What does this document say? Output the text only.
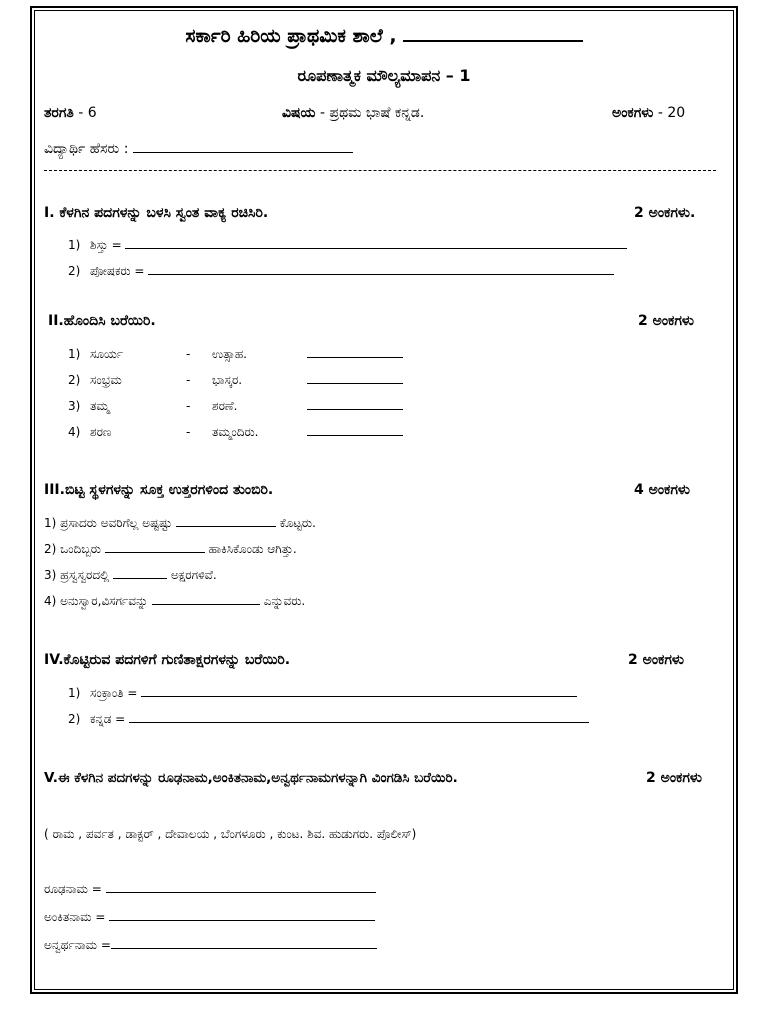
ಸರ್ಕಾರಿ ಹಿರಿಯ ಪ್ರಾಥಮಿಕ ಶಾಲೆ ,
ರೂಪಣಾತ್ಮಕ ಮೌಲ್ಯಮಾಪನ – 1
ತರಗತಿ - 6	ವಿಷಯ - ಪ್ರಥಮ ಭಾಷೆ ಕನ್ನಡ.	ಅಂಕಗಳು - 20
ವಿದ್ಯಾರ್ಥಿ ಹೆಸರು :
I. ಕೆಳಗಿನ ಪದಗಳನ್ನು ಬಳಸಿ ಸ್ವಂತ ವಾಕ್ಯ ರಚಿಸಿರಿ.	2 ಅಂಕಗಳು.
1) ಶಿಸ್ತು =
2) ಪೋಷಕರು =
II.ಹೊಂದಿಸಿ ಬರೆಯಿರಿ.	2 ಅಂಕಗಳು
1) ಸೂರ್ಯ	- ಉತ್ಸಾಹ.
2) ಸಂಭ್ರಮ	- ಭಾಸ್ಕರ.
3) ತಮ್ಮ	- ಶರಣೆ.
4) ಶರಣ	- ತಮ್ಮಂದಿರು.
III.ಬಿಟ್ಟ ಸ್ಥಳಗಳನ್ನು ಸೂಕ್ತ ಉತ್ತರಗಳಿಂದ ತುಂಬಿರಿ.	4 ಅಂಕಗಳು
1) ಪ್ರಸಾದರು ಅವರಿಗೆಲ್ಲ ಅಷ್ಟಷ್ಟು	ಕೊಟ್ಟರು.
2) ಒಂದಿಬ್ಬರು	ಹಾಕಿಸಿಕೊಂಡು ಆಗಿತ್ತು.
3) ಹ್ರಸ್ವಸ್ವರದಲ್ಲಿ	ಅಕ್ಷರಗಳಿವೆ.
4) ಅನುಸ್ವಾರ,ವಿಸರ್ಗವನ್ನು	ಎನ್ನುವರು.
IV.ಕೊಟ್ಟಿರುವ ಪದಗಳಿಗೆ ಗುಣಿತಾಕ್ಷರಗಳನ್ನು ಬರೆಯಿರಿ.	2 ಅಂಕಗಳು
1) ಸಂಕ್ರಾಂತಿ =
2) ಕನ್ನಡ =
V.ಈ ಕೆಳಗಿನ ಪದಗಳನ್ನು ರೂಢನಾಮ,ಅಂಕಿತನಾಮ,ಅನ್ವರ್ಥನಾಮಗಳನ್ನಾಗಿ ವಿಂಗಡಿಸಿ ಬರೆಯಿರಿ.	2 ಅಂಕಗಳು
( ರಾಮ , ಪರ್ವತ , ಡಾಕ್ಟರ್ , ದೇವಾಲಯ , ಬೆಂಗಳೂರು , ಕುಂಟ. ಶಿವ. ಹುಡುಗರು. ಪೊಲೀಸ್)
ರೂಢನಾಮ =
ಅಂಕಿತನಾಮ =
ಅನ್ವರ್ಥನಾಮ =
